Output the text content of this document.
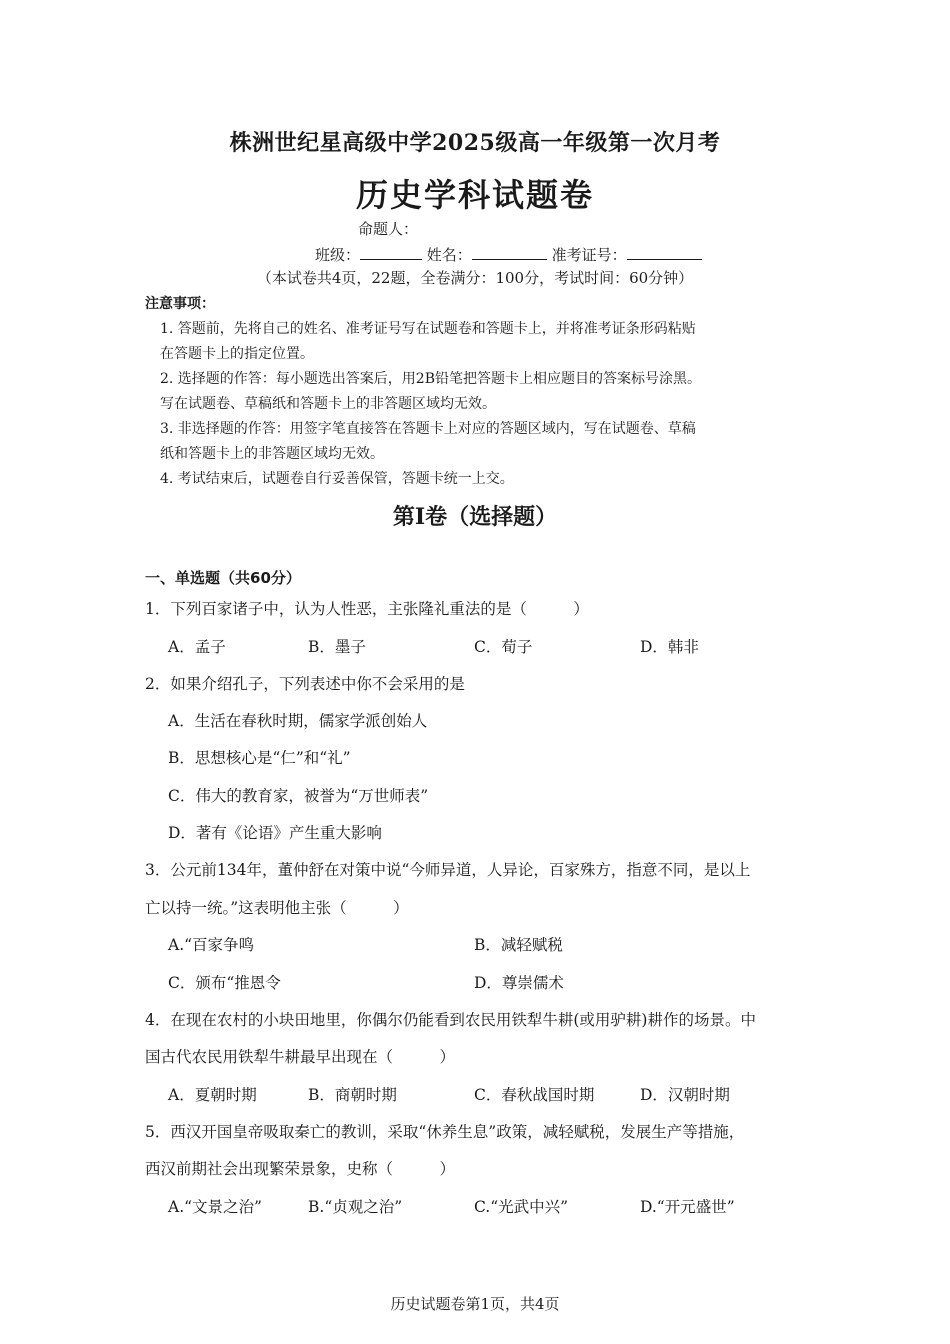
株洲世纪星高级中学2025级高一年级第一次月考
历史学科试题卷
命题人：
班级：	姓名：	准考证号：
（本试卷共4页，22题，全卷满分：100分，考试时间：60分钟）
注意事项：
1. 答题前，先将自己的姓名、准考证号写在试题卷和答题卡上，并将准考证条形码粘贴
在答题卡上的指定位置。
2. 选择题的作答：每小题选出答案后，用2B铅笔把答题卡上相应题目的答案标号涂黑。
写在试题卷、草稿纸和答题卡上的非答题区域均无效。
3. 非选择题的作答：用签字笔直接答在答题卡上对应的答题区域内，写在试题卷、草稿
纸和答题卡上的非答题区域均无效。
4. 考试结束后，试题卷自行妥善保管，答题卡统一上交。
第Ⅰ卷（选择题）
一、单选题（共60分）
1．下列百家诸子中，认为人性恶，主张隆礼重法的是（　　　）
A．孟子	B．墨子	C．荀子	D．韩非
2．如果介绍孔子，下列表述中你不会采用的是
A．生活在春秋时期，儒家学派创始人
B．思想核心是“仁”和“礼”
C．伟大的教育家，被誉为“万世师表”
D．著有《论语》产生重大影响
3．公元前134年，董仲舒在对策中说“今师异道，人异论，百家殊方，指意不同，是以上
亡以持一统。”这表明他主张（　　　）
A.“百家争鸣	B．减轻赋税
C．颁布“推恩令	D．尊崇儒术
4．在现在农村的小块田地里，你偶尔仍能看到农民用铁犁牛耕(或用驴耕)耕作的场景。中
国古代农民用铁犁牛耕最早出现在（　　　）
A．夏朝时期	B．商朝时期	C．春秋战国时期	D．汉朝时期
5．西汉开国皇帝吸取秦亡的教训，采取“休养生息”政策，减轻赋税，发展生产等措施，
西汉前期社会出现繁荣景象，史称（　　　）
A.“文景之治”	B.“贞观之治”	C.“光武中兴”	D.“开元盛世”
历史试题卷第1页，共4页
